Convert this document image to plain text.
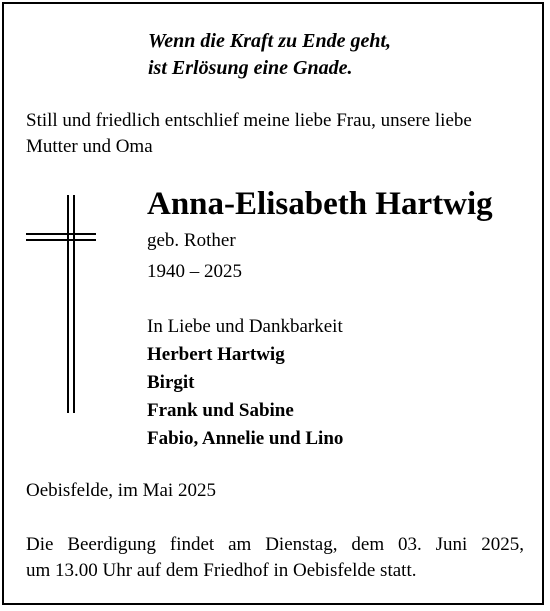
Wenn die Kraft zu Ende geht,
ist Erlösung eine Gnade.
Still und friedlich entschlief meine liebe Frau, unsere liebe
Mutter und Oma
Anna-Elisabeth Hartwig
geb. Rother
1940 – 2025
In Liebe und Dankbarkeit
Herbert Hartwig
Birgit
Frank und Sabine
Fabio, Annelie und Lino
Oebisfelde, im Mai 2025
Die Beerdigung findet am Dienstag, dem 03. Juni 2025,
um 13.00 Uhr auf dem Friedhof in Oebisfelde statt.
